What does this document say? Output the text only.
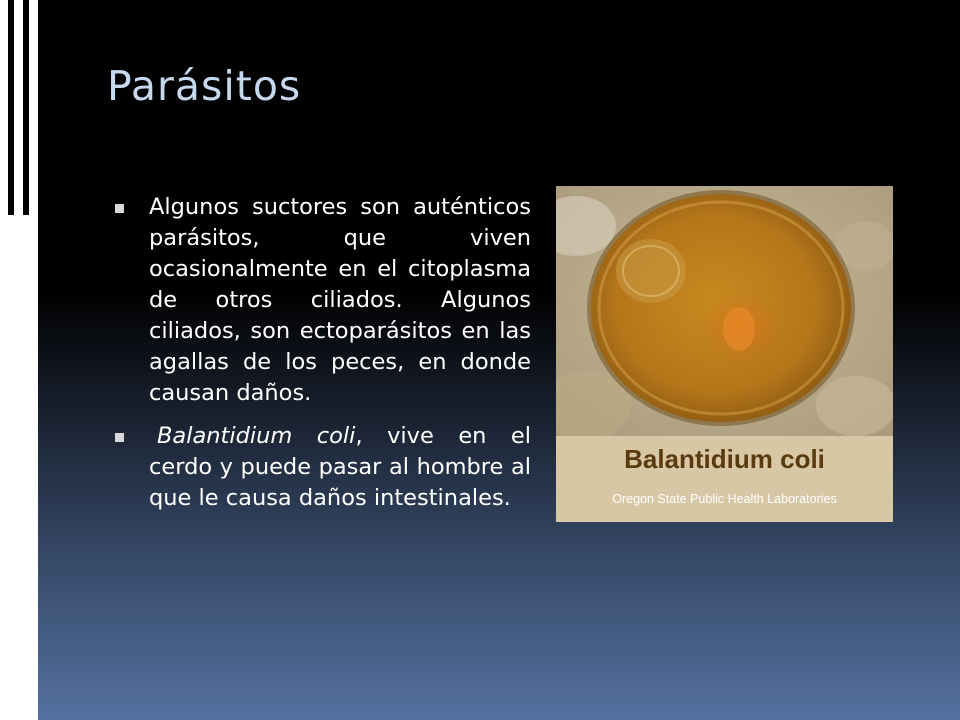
Parásitos
Algunos suctores son auténticos parásitos, que viven ocasionalmente en el citoplasma de otros ciliados. Algunos ciliados, son ectoparásitos en las agallas de los peces, en donde causan daños.
Balantidium coli, vive en el cerdo y puede pasar al hombre al que le causa daños intestinales.
Balantidium coli
Oregon State Public Health Laboratories
